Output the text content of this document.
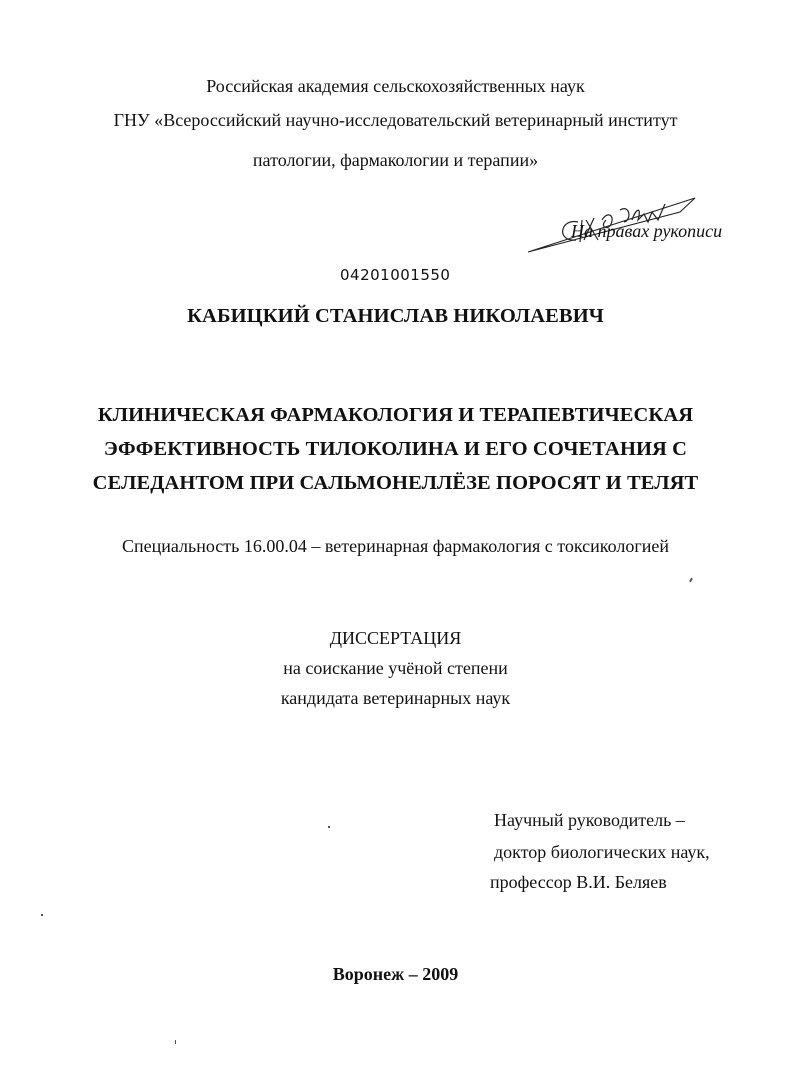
Российская академия сельскохозяйственных наук
ГНУ «Всероссийский научно-исследовательский ветеринарный институт
патологии, фармакологии и терапии»
На правах рукописи
04201001550
КАБИЦКИЙ СТАНИСЛАВ НИКОЛАЕВИЧ
КЛИНИЧЕСКАЯ ФАРМАКОЛОГИЯ И ТЕРАПЕВТИЧЕСКАЯ
ЭФФЕКТИВНОСТЬ ТИЛОКОЛИНА И ЕГО СОЧЕТАНИЯ С
СЕЛЕДАНТОМ ПРИ САЛЬМОНЕЛЛЁЗЕ ПОРОСЯТ И ТЕЛЯТ
Специальность 16.00.04 – ветеринарная фармакология с токсикологией
ДИССЕРТАЦИЯ
на соискание учёной степени
кандидата ветеринарных наук
Научный руководитель –
доктор биологических наук,
профессор В.И. Беляев
Воронеж – 2009
